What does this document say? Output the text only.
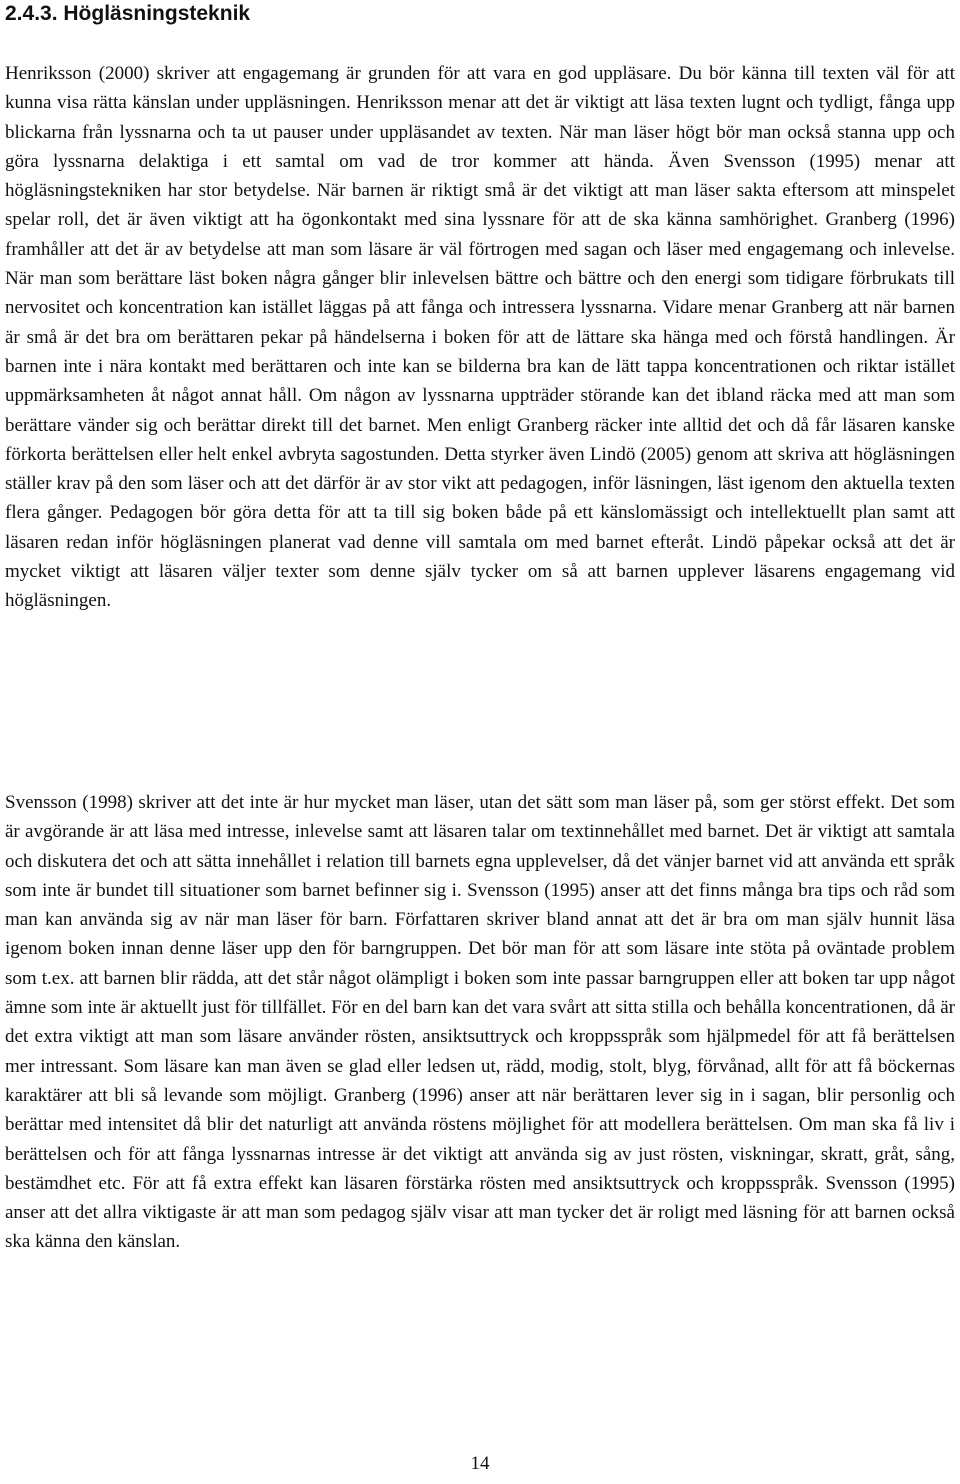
2.4.3. Högläsningsteknik

Henriksson (2000) skriver att engagemang är grunden för att vara en god uppläsare. Du bör känna till texten väl för att kunna visa rätta känslan under uppläsningen. Henriksson menar att det är viktigt att läsa texten lugnt och tydligt, fånga upp blickarna från lyssnarna och ta ut pauser under uppläsandet av texten. När man läser högt bör man också stanna upp och göra lyssnarna delaktiga i ett samtal om vad de tror kommer att hända. Även Svensson (1995) menar att högläsningstekniken har stor betydelse. När barnen är riktigt små är det viktigt att man läser sakta eftersom att minspelet spelar roll, det är även viktigt att ha ögonkontakt med sina lyssnare för att de ska känna samhörighet. Granberg (1996) framhåller att det är av betydelse att man som läsare är väl förtrogen med sagan och läser med engagemang och inlevelse. När man som berättare läst boken några gånger blir inlevelsen bättre och bättre och den energi som tidigare förbrukats till nervositet och koncentration kan istället läggas på att fånga och intressera lyssnarna. Vidare menar Granberg att när barnen är små är det bra om berättaren pekar på händelserna i boken för att de lättare ska hänga med och förstå handlingen. Är barnen inte i nära kontakt med berättaren och inte kan se bilderna bra kan de lätt tappa koncentrationen och riktar istället uppmärksamheten åt något annat håll. Om någon av lyssnarna uppträder störande kan det ibland räcka med att man som berättare vänder sig och berättar direkt till det barnet. Men enligt Granberg räcker inte alltid det och då får läsaren kanske förkorta berättelsen eller helt enkel avbryta sagostunden. Detta styrker även Lindö (2005) genom att skriva att högläsningen ställer krav på den som läser och att det därför är av stor vikt att pedagogen, inför läsningen, läst igenom den aktuella texten flera gånger. Pedagogen bör göra detta för att ta till sig boken både på ett känslomässigt och intellektuellt plan samt att läsaren redan inför högläsningen planerat vad denne vill samtala om med barnet efteråt. Lindö påpekar också att det är mycket viktigt att läsaren väljer texter som denne själv tycker om så att barnen upplever läsarens engagemang vid högläsningen.

Svensson (1998) skriver att det inte är hur mycket man läser, utan det sätt som man läser på, som ger störst effekt. Det som är avgörande är att läsa med intresse, inlevelse samt att läsaren talar om textinnehållet med barnet. Det är viktigt att samtala och diskutera det och att sätta innehållet i relation till barnets egna upplevelser, då det vänjer barnet vid att använda ett språk som inte är bundet till situationer som barnet befinner sig i. Svensson (1995) anser att det finns många bra tips och råd som man kan använda sig av när man läser för barn. Författaren skriver bland annat att det är bra om man själv hunnit läsa igenom boken innan denne läser upp den för barngruppen. Det bör man för att som läsare inte stöta på oväntade problem som t.ex. att barnen blir rädda, att det står något olämpligt i boken som inte passar barngruppen eller att boken tar upp något ämne som inte är aktuellt just för tillfället. För en del barn kan det vara svårt att sitta stilla och behålla koncentrationen, då är det extra viktigt att man som läsare använder rösten, ansiktsuttryck och kroppsspråk som hjälpmedel för att få berättelsen mer intressant. Som läsare kan man även se glad eller ledsen ut, rädd, modig, stolt, blyg, förvånad, allt för att få böckernas karaktärer att bli så levande som möjligt. Granberg (1996) anser att när berättaren lever sig in i sagan, blir personlig och berättar med intensitet då blir det naturligt att använda röstens möjlighet för att modellera berättelsen. Om man ska få liv i berättelsen och för att fånga lyssnarnas intresse är det viktigt att använda sig av just rösten, viskningar, skratt, gråt, sång, bestämdhet etc. För att få extra effekt kan läsaren förstärka rösten med ansiktsuttryck och kroppsspråk. Svensson (1995) anser att det allra viktigaste är att man som pedagog själv visar att man tycker det är roligt med läsning för att barnen också ska känna den känslan.

14
